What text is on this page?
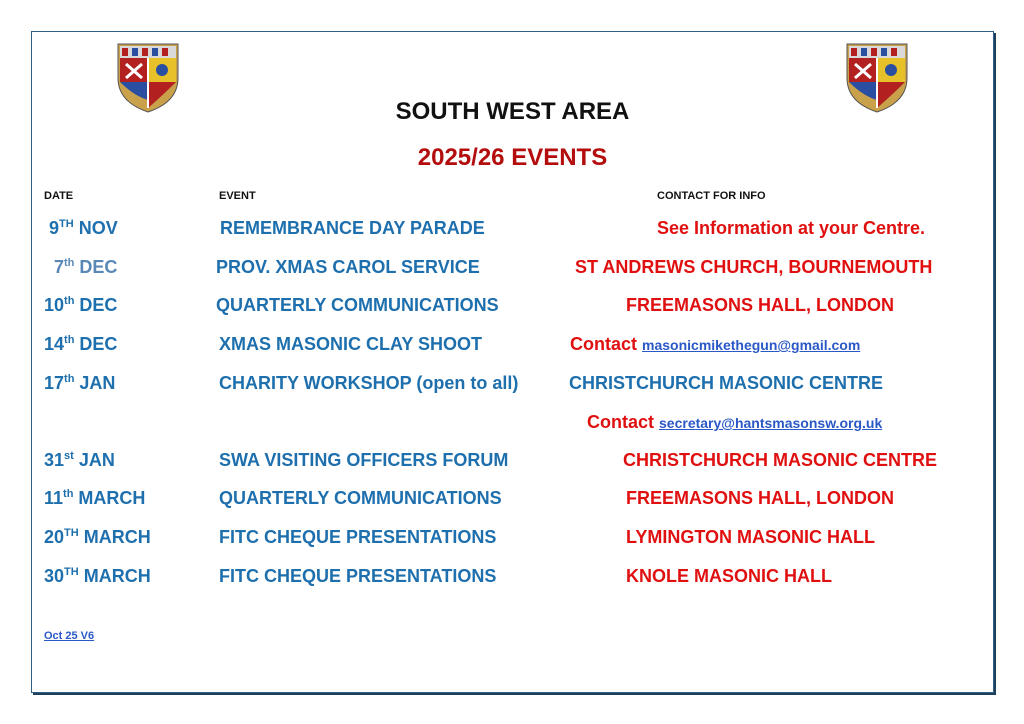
SOUTH WEST AREA
2025/26 EVENTS
DATE	EVENT	CONTACT FOR INFO
9TH NOV	REMEMBRANCE DAY PARADE	See Information at your Centre.
7th DEC	PROV. XMAS CAROL SERVICE	ST ANDREWS CHURCH, BOURNEMOUTH
10th DEC	QUARTERLY COMMUNICATIONS	FREEMASONS HALL, LONDON
14th DEC	XMAS MASONIC CLAY SHOOT	Contact masonicmikethegun@gmail.com
17th JAN	CHARITY WORKSHOP (open to all)	CHRISTCHURCH MASONIC CENTRE
Contact secretary@hantsmasonsw.org.uk
31st JAN	SWA VISITING OFFICERS FORUM	CHRISTCHURCH MASONIC CENTRE
11th MARCH	QUARTERLY COMMUNICATIONS	FREEMASONS HALL, LONDON
20TH MARCH	FITC CHEQUE PRESENTATIONS	LYMINGTON MASONIC HALL
30TH MARCH	FITC CHEQUE PRESENTATIONS	KNOLE MASONIC HALL
Oct 25 V6
